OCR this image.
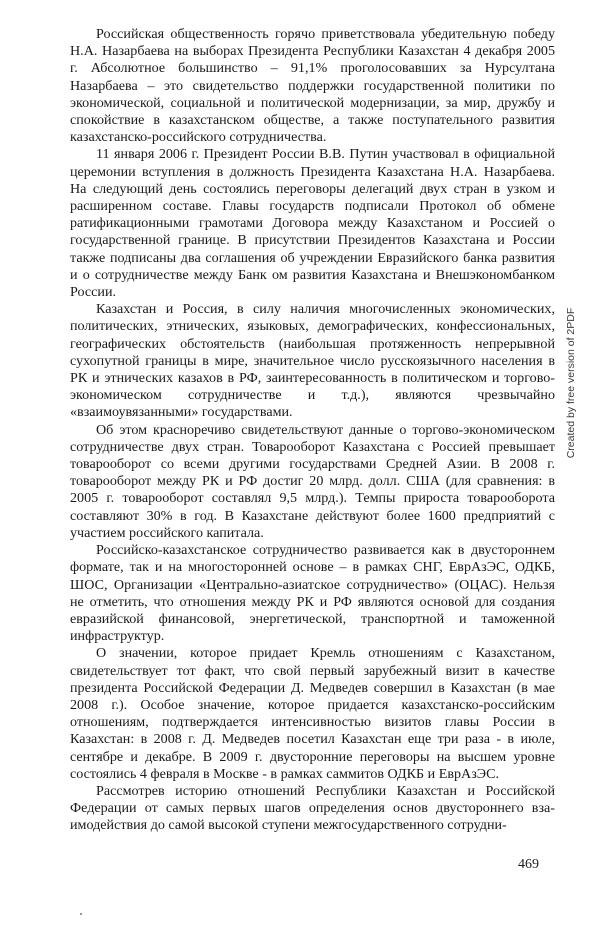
Российская общественность горячо приветствовала убедительную победу Н.А. Назарбаева на выборах Президента Республики Казахстан 4 декабря 2005 г. Абсолютное большинство – 91,1% проголосовавших за Нурсултана Назарбаева – это свидетельство поддержки государственной политики по экономической, социальной и политической модернизации, за мир, дружбу и спокойствие в казахстанском обществе, а также поступательного развития казахстанско-российского сотрудничества.

11 января 2006 г. Президент России В.В. Путин участвовал в официальной церемонии вступления в должность Президента Казахстана Н.А. Назарбаева. На следующий день состоялись переговоры делегаций двух стран в узком и расширенном составе. Главы государств подписали Протокол об обмене ратификационными грамотами Договора между Казахстаном и Россией о государственной границе. В присутствии Президентов Казахстана и России также подписаны два соглашения об учреждении Евразийского банка развития и о сотрудничестве между Банк ом развития Казахстана и Внешэкономбанком России.

Казахстан и Россия, в силу наличия многочисленных экономических, политических, этнических, языковых, демографических, конфессиональных, географических обстоятельств (наибольшая протяженность непрерывной сухопутной границы в мире, значительное число русскоязычного населения в РК и этнических казахов в РФ, заинтересованность в политическом и торгово-экономическом сотрудничестве и т.д.), являются чрезвычайно «взаимоувязанными» государствами.

Об этом красноречиво свидетельствуют данные о торгово-экономическом сотрудничестве двух стран. Товарооборот Казахстана с Россией превышает товарооборот со всеми другими государствами Средней Азии. В 2008 г. товарооборот между РК и РФ достиг 20 млрд. долл. США (для сравнения: в 2005 г. товарооборот составлял 9,5 млрд.). Темпы прироста товарооборота составляют 30% в год. В Казахстане действуют более 1600 предприятий с участием российского капитала.

Российско-казахстанское сотрудничество развивается как в двустороннем формате, так и на многосторонней основе – в рамках СНГ, ЕврАзЭС, ОДКБ, ШОС, Организации «Центрально-азиатское сотрудничество» (ОЦАС). Нельзя не отметить, что отношения между РК и РФ являются основой для создания евразийской финансовой, энергетической, транспортной и таможенной инфраструктур.

О значении, которое придает Кремль отношениям с Казахстаном, свидетельствует тот факт, что свой первый зарубежный визит в качестве президента Российской Федерации Д. Медведев совершил в Казахстан (в мае 2008 г.). Особое значение, которое придается казахстанско-российским отношениям, подтверждается интенсивностью визитов главы России в Казахстан: в 2008 г. Д. Медведев посетил Казахстан еще три раза - в июле, сентябре и декабре. В 2009 г. двусторонние переговоры на высшем уровне состоялись 4 февраля в Москве - в рамках саммитов ОДКБ и ЕврАзЭС.

Рассмотрев историю отношений Республики Казахстан и Российской Федерации от самых первых шагов определения основ двустороннего взаимодействия до самой высокой ступени межгосударственного сотрудни-

469
Created by free version of 2PDF
